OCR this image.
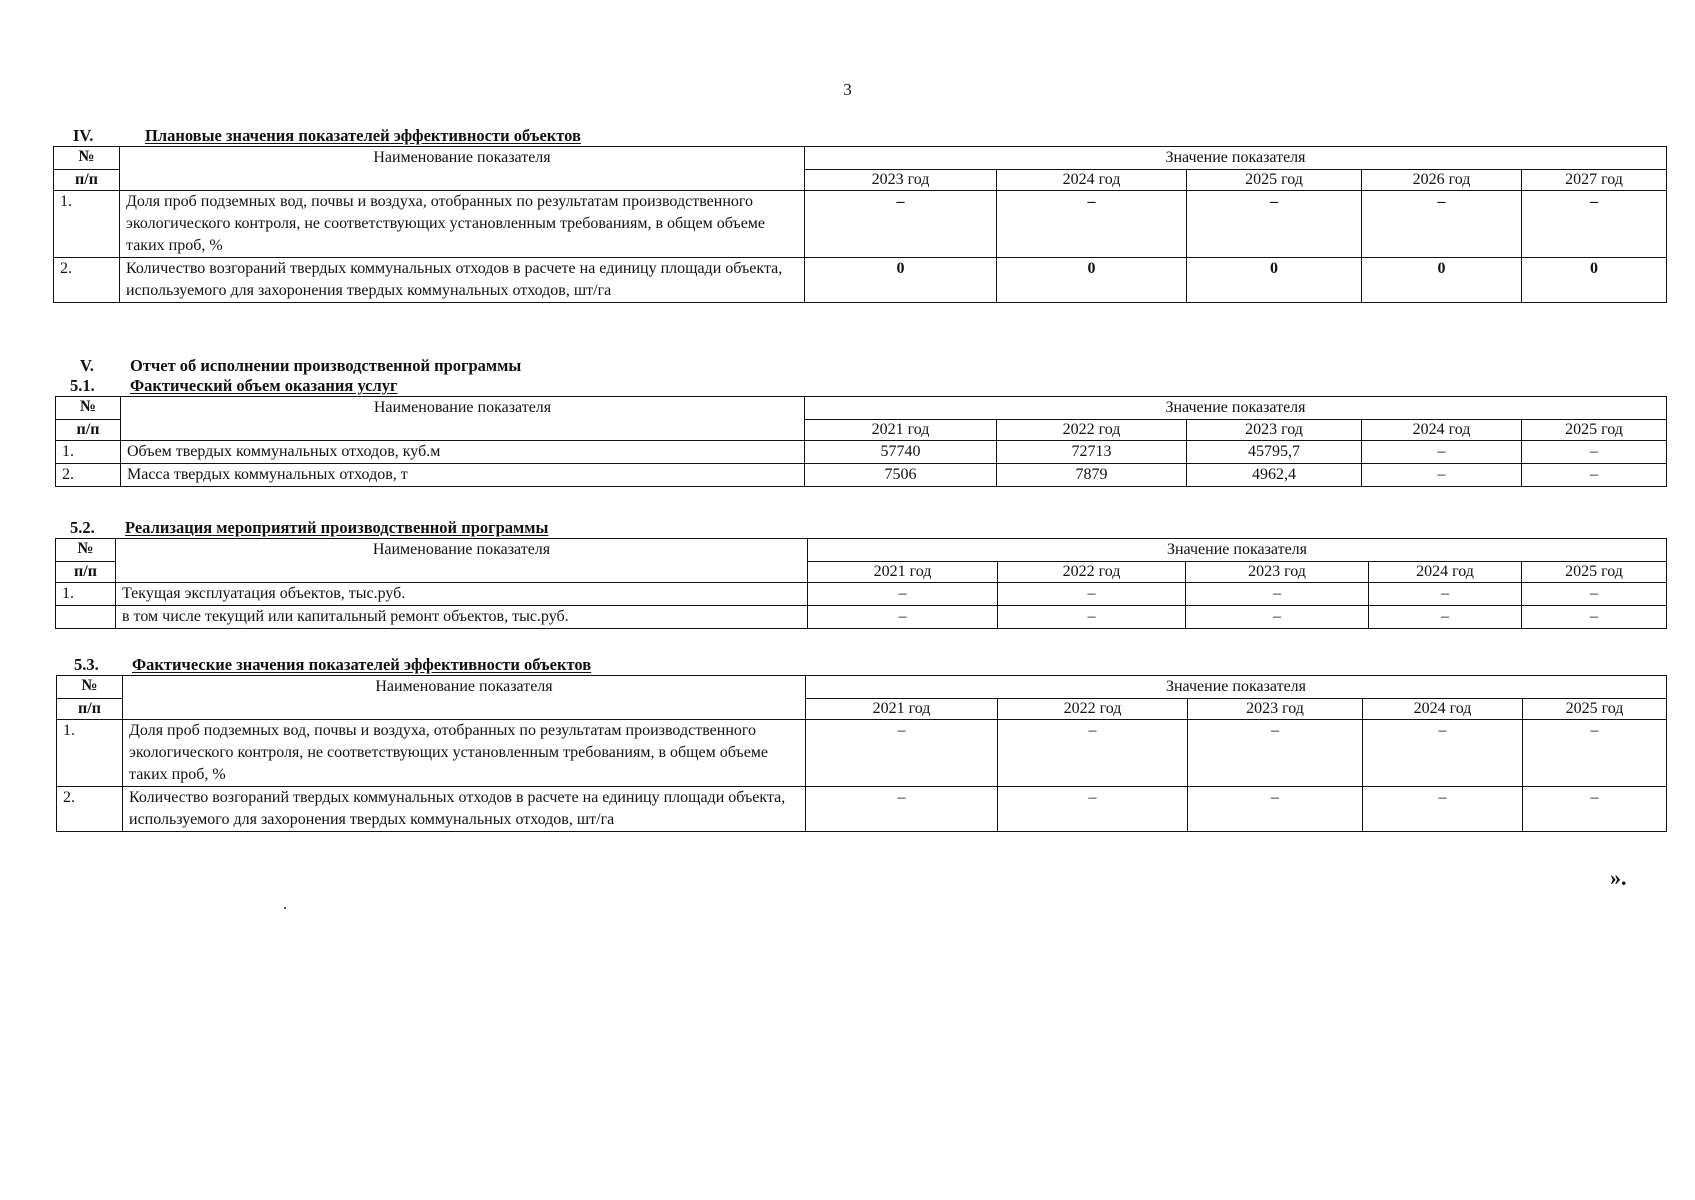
3
IV.	Плановые значения показателей эффективности объектов
№	Наименование показателя	Значение показателя				
п/п		2023 год	2024 год	2025 год	2026 год	2027 год
1.	Доля проб подземных вод, почвы и воздуха, отобранных по результатам производственного экологического контроля, не соответствующих установленным требованиям, в общем объеме таких проб, %	–	–	–	–	–
2.	Количество возгораний твердых коммунальных отходов в расчете на единицу площади объекта, используемого для захоронения твердых коммунальных отходов, шт/га	0	0	0	0	0
V.	Отчет об исполнении производственной программы
5.1.	Фактический объем оказания услуг
№	Наименование показателя	Значение показателя				
п/п		2021 год	2022 год	2023 год	2024 год	2025 год
1.	Объем твердых коммунальных отходов, куб.м	57740	72713	45795,7	–	–
2.	Масса твердых коммунальных отходов, т	7506	7879	4962,4	–	–
5.2.	Реализация мероприятий производственной программы
№	Наименование показателя	Значение показателя				
п/п		2021 год	2022 год	2023 год	2024 год	2025 год
1.	Текущая эксплуатация объектов, тыс.руб.	–	–	–	–	–
	в том числе текущий или капитальный ремонт объектов, тыс.руб.	–	–	–	–	–
5.3.	Фактические значения показателей эффективности объектов
№	Наименование показателя	Значение показателя				
п/п		2021 год	2022 год	2023 год	2024 год	2025 год
1.	Доля проб подземных вод, почвы и воздуха, отобранных по результатам производственного экологического контроля, не соответствующих установленным требованиям, в общем объеме таких проб, %	–	–	–	–	–
2.	Количество возгораний твердых коммунальных отходов в расчете на единицу площади объекта, используемого для захоронения твердых коммунальных отходов, шт/га	–	–	–	–	–
».
